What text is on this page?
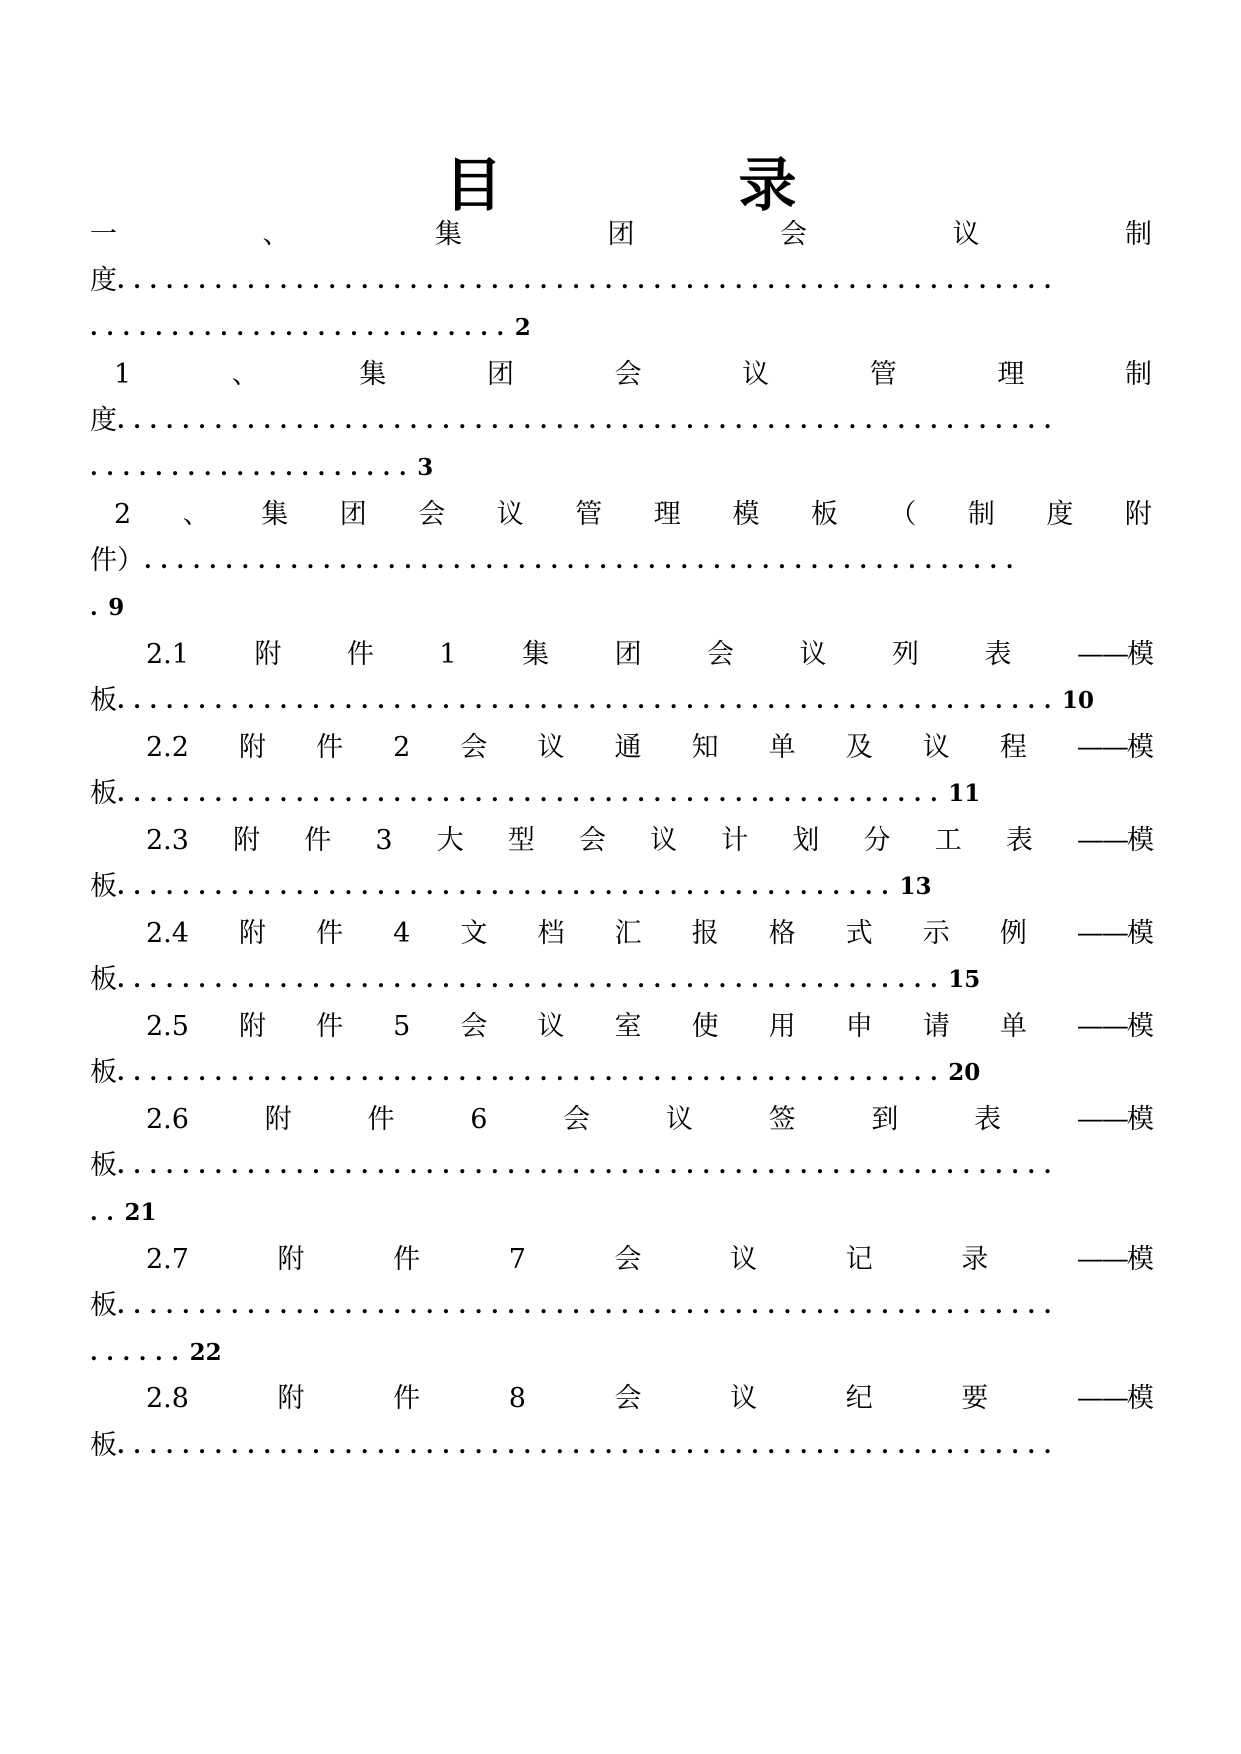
目	录
一	、	集	团	会	议	制
度 ..........................................................
.......................... 2
1	、	集	团	会	议	管	理	制
度 ..........................................................
.................... 3
2 、 集 团 会 议 管 理 模 板 （ 制 度 附
件） ......................................................
. 9
2.1 附 件 1 集 团 会 议 列 表 ——模
板 .......................................................... 10
2.2 附 件 2 会 议 通 知 单 及 议 程 ——模
板 ................................................... 11
2.3 附 件 3 大 型 会 议 计 划 分 工 表 ——模
板 ................................................ 13
2.4 附 件 4 文 档 汇 报 格 式 示 例 ——模
板 ................................................... 15
2.5 附 件 5 会 议 室 使 用 申 请 单 ——模
板 ................................................... 20
2.6	附	件	6	会	议	签	到	表	——模
板 ..........................................................
.. 21
2.7	附	件	7	会	议	记	录	——模
板 ..........................................................
...... 22
2.8	附	件	8	会	议	纪	要	——模
板 ..........................................................
